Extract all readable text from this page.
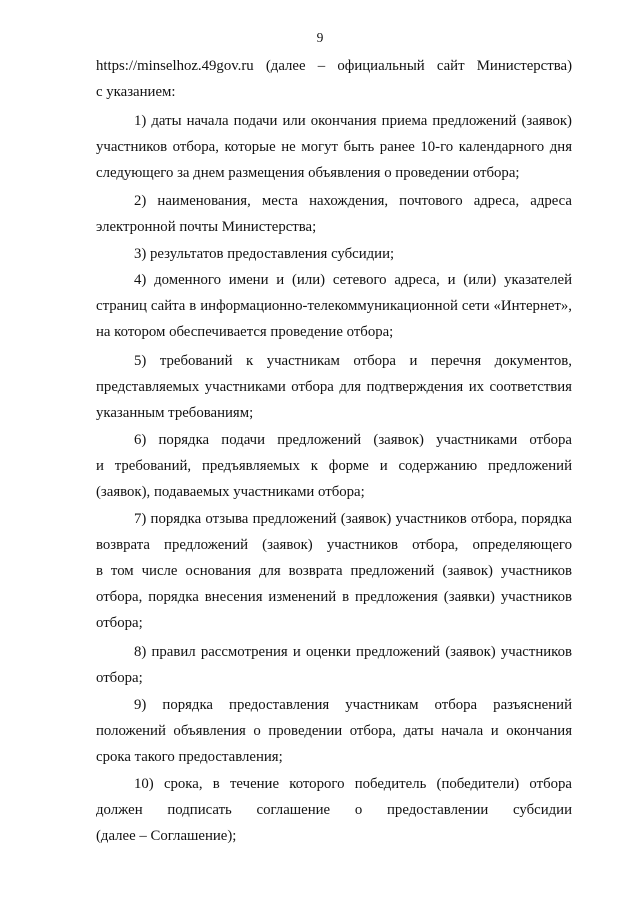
9
https://minselhoz.49gov.ru (далее – официальный сайт Министерства)
с указанием:
1) даты начала подачи или окончания приема предложений (заявок)
участников отбора, которые не могут быть ранее 10-го календарного дня
следующего за днем размещения объявления о проведении отбора;
2) наименования, места нахождения, почтового адреса, адреса
электронной почты Министерства;
3) результатов предоставления субсидии;
4) доменного имени и (или) сетевого адреса, и (или) указателей
страниц сайта в информационно-телекоммуникационной сети «Интернет»,
на котором обеспечивается проведение отбора;
5) требований к участникам отбора и перечня документов,
представляемых участниками отбора для подтверждения их соответствия
указанным требованиям;
6) порядка подачи предложений (заявок) участниками отбора
и требований, предъявляемых к форме и содержанию предложений
(заявок), подаваемых участниками отбора;
7) порядка отзыва предложений (заявок) участников отбора, порядка
возврата предложений (заявок) участников отбора, определяющего
в том числе основания для возврата предложений (заявок) участников
отбора, порядка внесения изменений в предложения (заявки) участников
отбора;
8) правил рассмотрения и оценки предложений (заявок) участников
отбора;
9) порядка предоставления участникам отбора разъяснений
положений объявления о проведении отбора, даты начала и окончания
срока такого предоставления;
10) срока, в течение которого победитель (победители) отбора
должен подписать соглашение о предоставлении субсидии
(далее – Соглашение);
